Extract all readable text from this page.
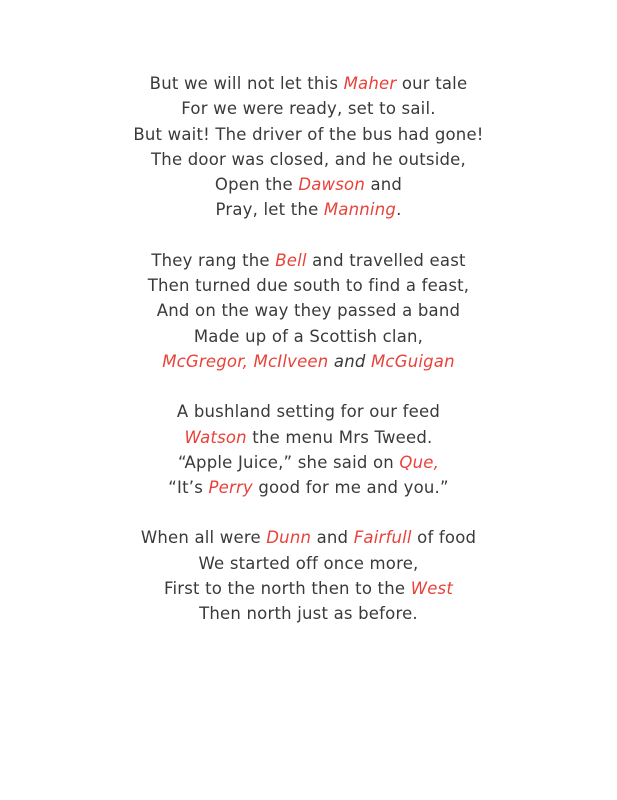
But we will not let this Maher our tale
For we were ready, set to sail.
But wait! The driver of the bus had gone!
The door was closed, and he outside,
Open the Dawson and
Pray, let the Manning.
They rang the Bell and travelled east
Then turned due south to find a feast,
And on the way they passed a band
Made up of a Scottish clan,
McGregor, McIlveen and McGuigan
A bushland setting for our feed
Watson the menu Mrs Tweed.
“Apple Juice,” she said on Que,
“It’s Perry good for me and you.”
When all were Dunn and Fairfull of food
We started off once more,
First to the north then to the West
Then north just as before.
